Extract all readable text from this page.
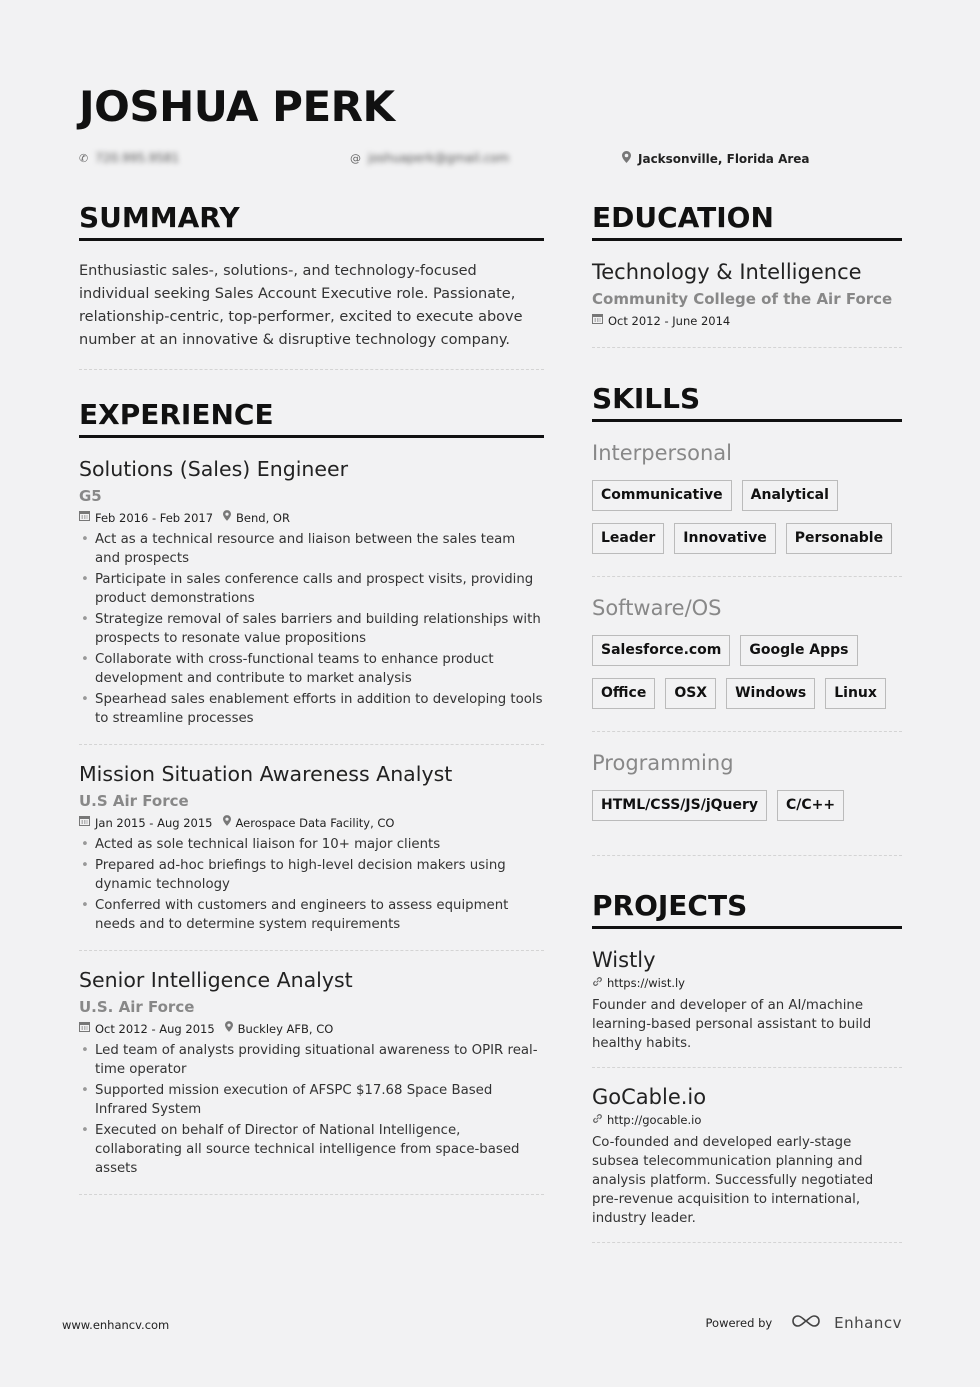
JOSHUA PERK
✆ 720.995.9581	@ joshuaperk@gmail.com	Jacksonville, Florida Area
SUMMARY
Enthusiastic sales-, solutions-, and technology-focused individual seeking Sales Account Executive role. Passionate, relationship-centric, top-performer, excited to execute above number at an innovative & disruptive technology company.
EXPERIENCE
Solutions (Sales) Engineer
G5
Feb 2016 - Feb 2017 Bend, OR
• Act as a technical resource and liaison between the sales team and prospects
• Participate in sales conference calls and prospect visits, providing product demonstrations
• Strategize removal of sales barriers and building relationships with prospects to resonate value propositions
• Collaborate with cross-functional teams to enhance product development and contribute to market analysis
• Spearhead sales enablement efforts in addition to developing tools to streamline processes
Mission Situation Awareness Analyst
U.S Air Force
Jan 2015 - Aug 2015 Aerospace Data Facility, CO
• Acted as sole technical liaison for 10+ major clients
• Prepared ad-hoc briefings to high-level decision makers using dynamic technology
• Conferred with customers and engineers to assess equipment needs and to determine system requirements
Senior Intelligence Analyst
U.S. Air Force
Oct 2012 - Aug 2015 Buckley AFB, CO
• Led team of analysts providing situational awareness to OPIR real-time operator
• Supported mission execution of AFSPC $17.68 Space Based Infrared System
• Executed on behalf of Director of National Intelligence, collaborating all source technical intelligence from space-based assets
EDUCATION
Technology & Intelligence
Community College of the Air Force
Oct 2012 - June 2014
SKILLS
Interpersonal
Communicative	Analytical
Leader	Innovative	Personable
Software/OS
Salesforce.com	Google Apps
Office	OSX	Windows	Linux
Programming
HTML/CSS/JS/jQuery	C/C++
PROJECTS
Wistly
https://wist.ly
Founder and developer of an AI/machine learning-based personal assistant to build healthy habits.
GoCable.io
http://gocable.io
Co-founded and developed early-stage subsea telecommunication planning and analysis platform. Successfully negotiated pre-revenue acquisition to international, industry leader.
www.enhancv.com	Powered by	Enhancv
